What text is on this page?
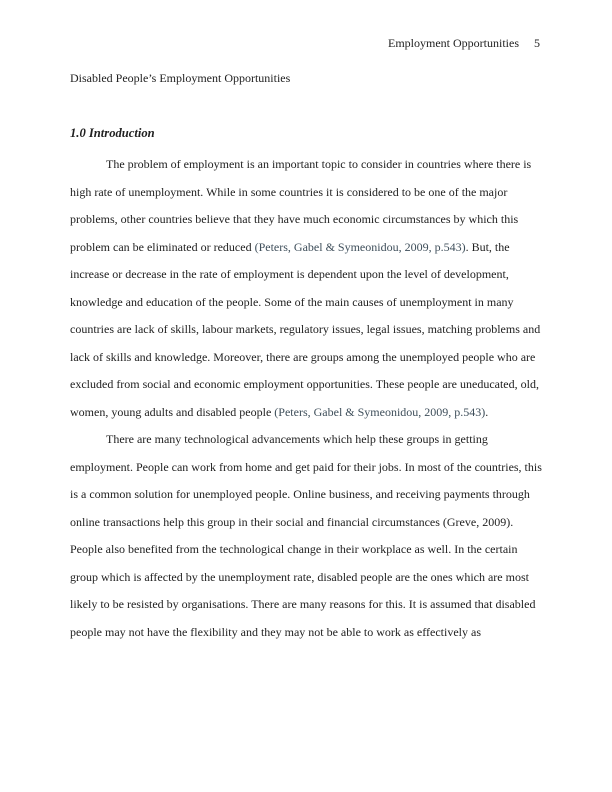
Employment Opportunities 5
Disabled People’s Employment Opportunities
1.0 Introduction

The problem of employment is an important topic to consider in countries where there is high rate of unemployment. While in some countries it is considered to be one of the major problems, other countries believe that they have much economic circumstances by which this problem can be eliminated or reduced (Peters, Gabel & Symeonidou, 2009, p.543). But, the increase or decrease in the rate of employment is dependent upon the level of development, knowledge and education of the people. Some of the main causes of unemployment in many countries are lack of skills, labour markets, regulatory issues, legal issues, matching problems and lack of skills and knowledge. Moreover, there are groups among the unemployed people who are excluded from social and economic employment opportunities. These people are uneducated, old, women, young adults and disabled people (Peters, Gabel & Symeonidou, 2009, p.543).

There are many technological advancements which help these groups in getting employment. People can work from home and get paid for their jobs. In most of the countries, this is a common solution for unemployed people. Online business, and receiving payments through online transactions help this group in their social and financial circumstances (Greve, 2009). People also benefited from the technological change in their workplace as well. In the certain group which is affected by the unemployment rate, disabled people are the ones which are most likely to be resisted by organisations. There are many reasons for this. It is assumed that disabled people may not have the flexibility and they may not be able to work as effectively as
